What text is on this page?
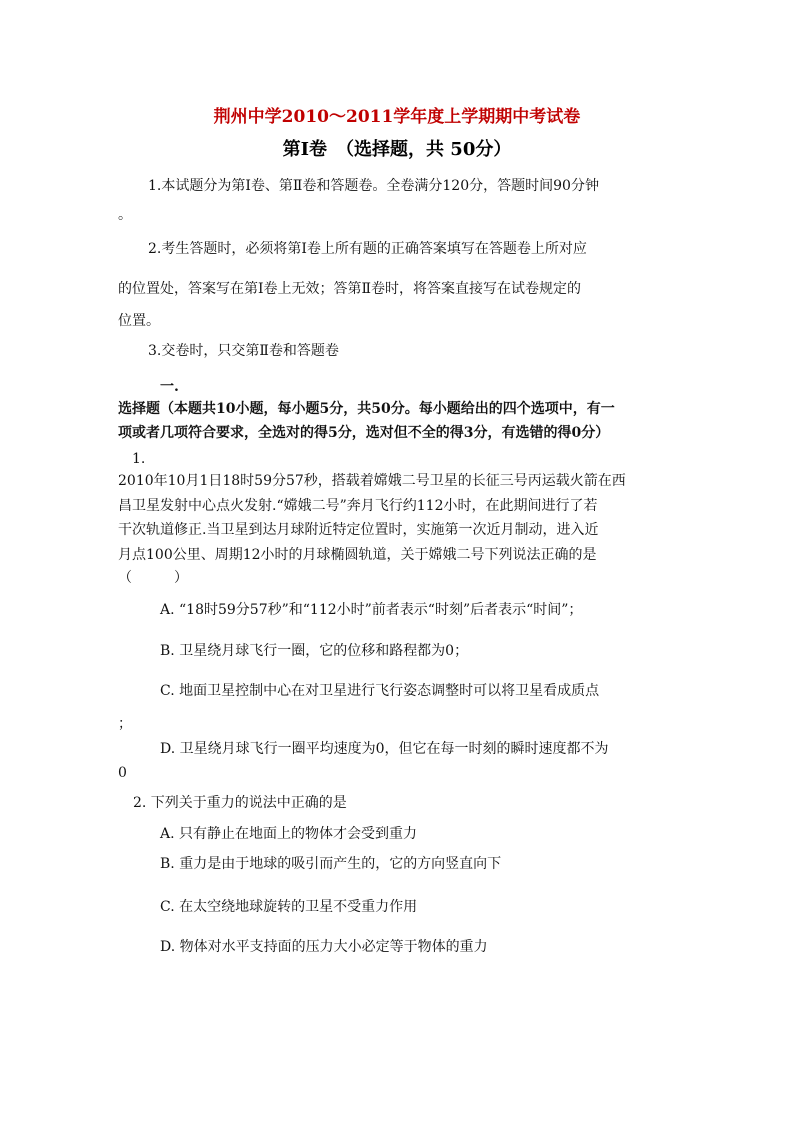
荆州中学2010～2011学年度上学期期中考试卷
第Ⅰ卷　（选择题，共 50分）
1.本试题分为第Ⅰ卷、第Ⅱ卷和答题卷。全卷满分120分，答题时间90分钟
。
2.考生答题时，必须将第Ⅰ卷上所有题的正确答案填写在答题卷上所对应
的位置处，答案写在第Ⅰ卷上无效；答第Ⅱ卷时，将答案直接写在试卷规定的
位置。
3.交卷时，只交第Ⅱ卷和答题卷
一.
选择题（本题共10小题，每小题5分，共50分。每小题给出的四个选项中，有一
项或者几项符合要求，全选对的得5分，选对但不全的得3分，有选错的得0分）
1.
2010年10月1日18时59分57秒，搭载着嫦娥二号卫星的长征三号丙运载火箭在西
昌卫星发射中心点火发射.“嫦娥二号”奔月飞行约112小时，在此期间进行了若
干次轨道修正.当卫星到达月球附近特定位置时，实施第一次近月制动，进入近
月点100公里、周期12小时的月球椭圆轨道，关于嫦娥二号下列说法正确的是
（　　　）
A. “18时59分57秒”和“112小时”前者表示“时刻”后者表示“时间”；
B. 卫星绕月球飞行一圈，它的位移和路程都为0；
C. 地面卫星控制中心在对卫星进行飞行姿态调整时可以将卫星看成质点
；
D. 卫星绕月球飞行一圈平均速度为0，但它在每一时刻的瞬时速度都不为
0
2. 下列关于重力的说法中正确的是
A. 只有静止在地面上的物体才会受到重力
B. 重力是由于地球的吸引而产生的，它的方向竖直向下
C. 在太空绕地球旋转的卫星不受重力作用
D. 物体对水平支持面的压力大小必定等于物体的重力
